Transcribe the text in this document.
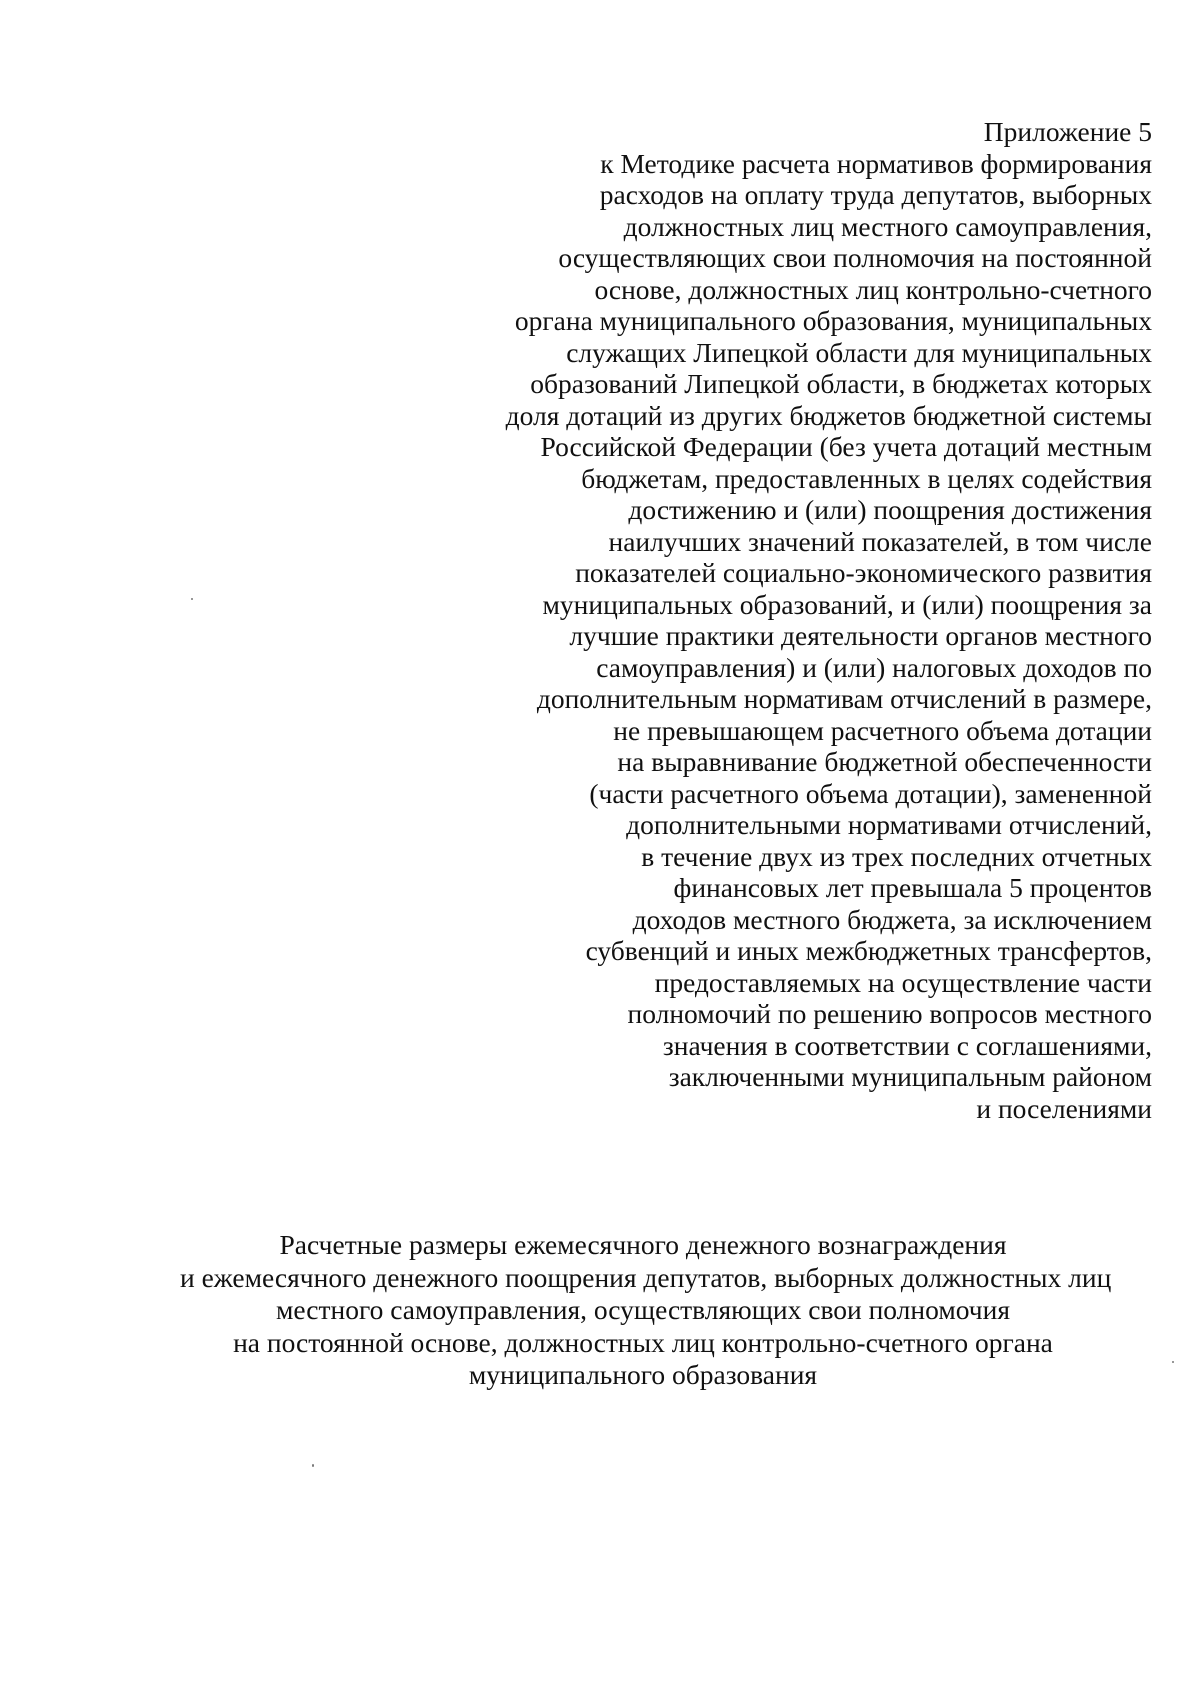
Приложение 5
к Методике расчета нормативов формирования
расходов на оплату труда депутатов, выборных
должностных лиц местного самоуправления,
осуществляющих свои полномочия на постоянной
основе, должностных лиц контрольно-счетного
органа муниципального образования, муниципальных
служащих Липецкой области для муниципальных
образований Липецкой области, в бюджетах которых
доля дотаций из других бюджетов бюджетной системы
Российской Федерации (без учета дотаций местным
бюджетам, предоставленных в целях содействия
достижению и (или) поощрения достижения
наилучших значений показателей, в том числе
показателей социально-экономического развития
муниципальных образований, и (или) поощрения за
лучшие практики деятельности органов местного
самоуправления) и (или) налоговых доходов по
дополнительным нормативам отчислений в размере,
не превышающем расчетного объема дотации
на выравнивание бюджетной обеспеченности
(части расчетного объема дотации), замененной
дополнительными нормативами отчислений,
в течение двух из трех последних отчетных
финансовых лет превышала 5 процентов
доходов местного бюджета, за исключением
субвенций и иных межбюджетных трансфертов,
предоставляемых на осуществление части
полномочий по решению вопросов местного
значения в соответствии с соглашениями,
заключенными муниципальным районом
и поселениями
Расчетные размеры ежемесячного денежного вознаграждения
и ежемесячного денежного поощрения депутатов, выборных должностных лиц
местного самоуправления, осуществляющих свои полномочия
на постоянной основе, должностных лиц контрольно-счетного органа
муниципального образования
